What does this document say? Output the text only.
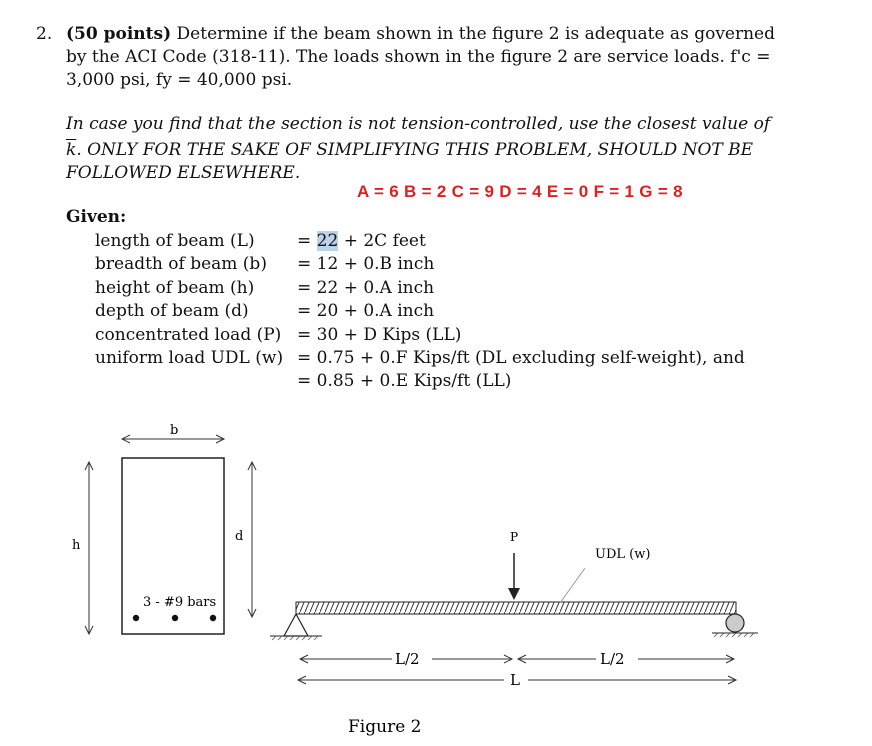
2. (50 points) Determine if the beam shown in the figure 2 is adequate as governed
by the ACI Code (318-11). The loads shown in the figure 2 are service loads. f'c =
3,000 psi, fy = 40,000 psi.
In case you find that the section is not tension-controlled, use the closest value of
$\overline{k}$. ONLY FOR THE SAKE OF SIMPLIFYING THIS PROBLEM, SHOULD NOT BE
FOLLOWED ELSEWHERE.
A = 6 B = 2 C = 9 D = 4 E = 0 F = 1 G = 8
Given:
length of beam (L) = 22 + 2C feet
breadth of beam (b) = 12 + 0.B inch
height of beam (h)	= 22 + 0.A inch
depth of beam (d)	= 20 + 0.A inch
concentrated load (P) = 30 + D Kips (LL)
uniform load UDL (w) = 0.75 + 0.F Kips/ft (DL excluding self-weight), and
= 0.85 + 0.E Kips/ft (LL)
3 - #9 bars
b
h
d	P
UDL (w)
L/2	L/2
L
Figure 2
